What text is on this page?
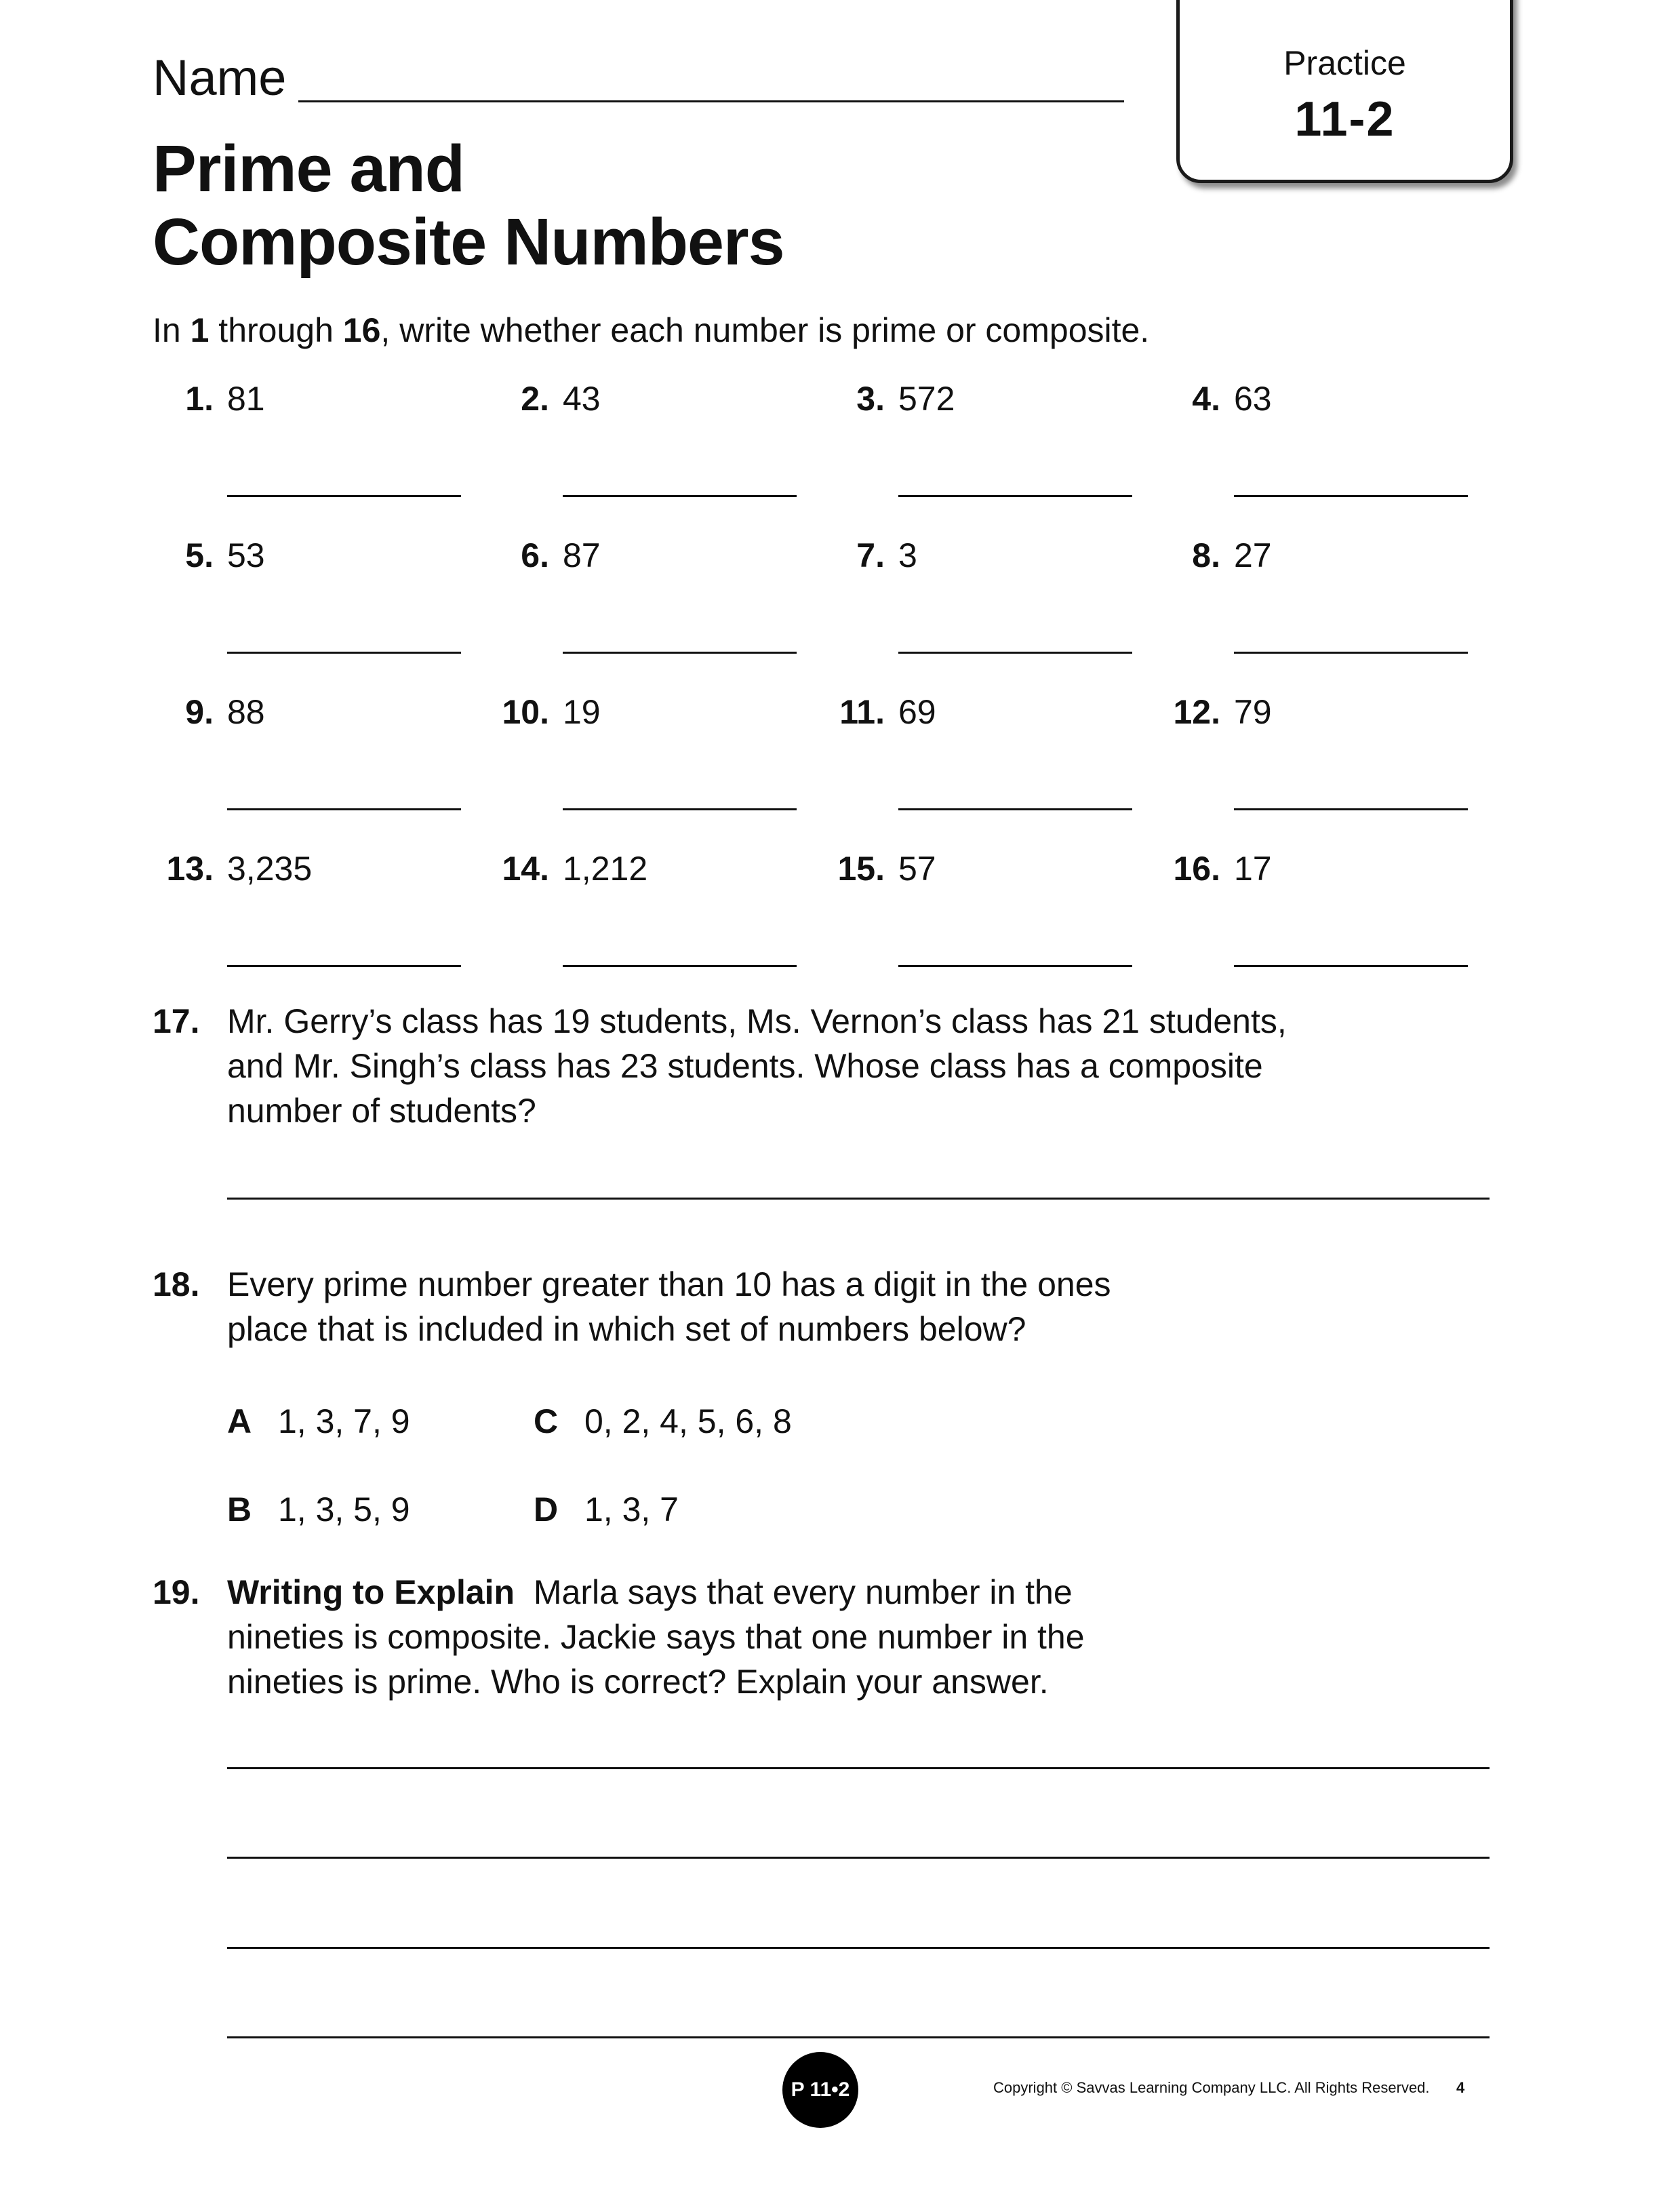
Name
Prime and
Composite Numbers
Practice
11-2
In 1 through 16, write whether each number is prime or composite.
1. 81	2. 43	3. 572	4. 63
5. 53	6. 87	7. 3	8. 27
9. 88	10. 19	11. 69	12. 79
13. 3,235	14. 1,212	15. 57	16. 17
17. Mr. Gerry’s class has 19 students, Ms. Vernon’s class has 21 students,
and Mr. Singh’s class has 23 students. Whose class has a composite
number of students?
18. Every prime number greater than 10 has a digit in the ones
place that is included in which set of numbers below?
A 1, 3, 7, 9	C 0, 2, 4, 5, 6, 8
B 1, 3, 5, 9	D 1, 3, 7
19. Writing to Explain Marla says that every number in the
nineties is composite. Jackie says that one number in the
nineties is prime. Who is correct? Explain your answer.
P 11•2	Copyright © Savvas Learning Company LLC. All Rights Reserved. 4
